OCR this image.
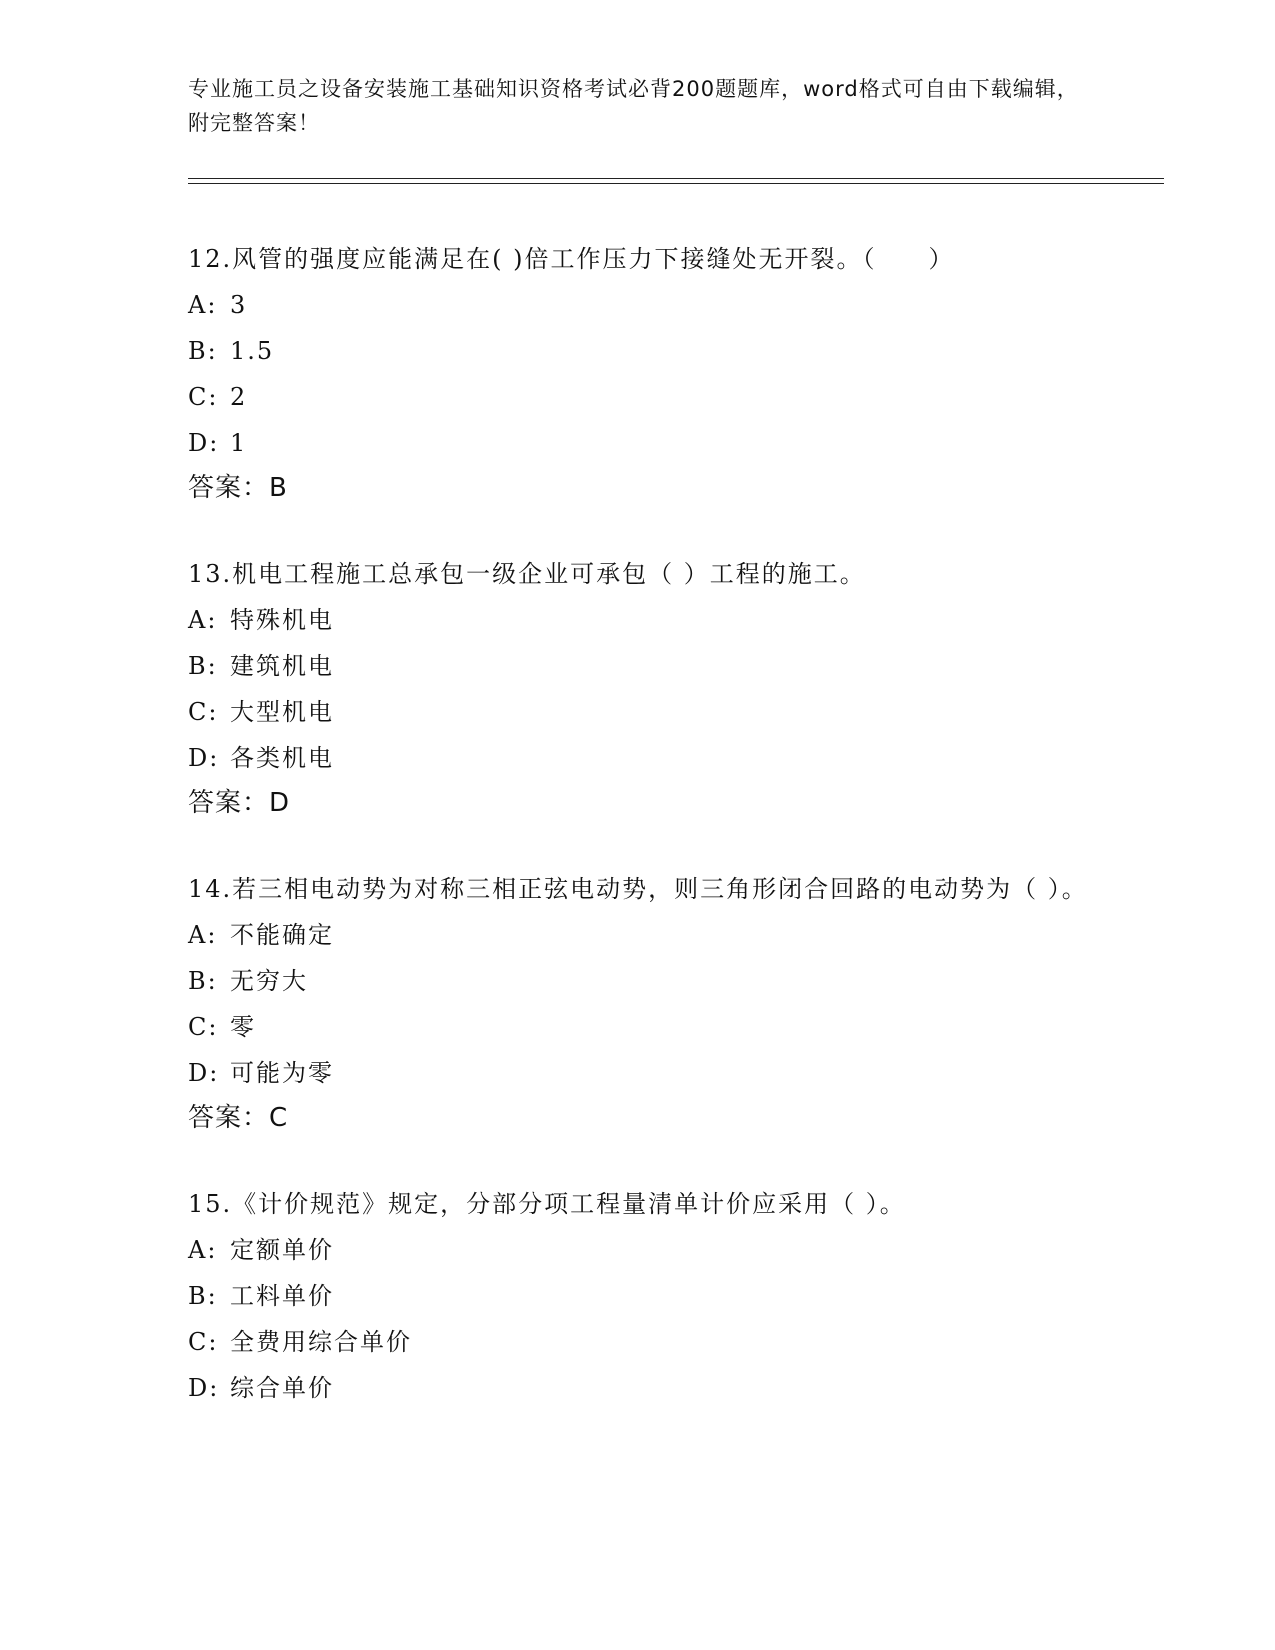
专业施工员之设备安装施工基础知识资格考试必背200题题库，word格式可自由下载编辑，附完整答案！
12.风管的强度应能满足在( )倍工作压力下接缝处无开裂。（　　）
A: 3
B: 1.5
C: 2
D: 1
答案：B
13.机电工程施工总承包一级企业可承包（ ）工程的施工。
A: 特殊机电
B: 建筑机电
C: 大型机电
D: 各类机电
答案：D
14.若三相电动势为对称三相正弦电动势，则三角形闭合回路的电动势为（ ）。
A: 不能确定
B: 无穷大
C: 零
D: 可能为零
答案：C
15.《计价规范》规定，分部分项工程量清单计价应采用（ ）。
A: 定额单价
B: 工料单价
C: 全费用综合单价
D: 综合单价
